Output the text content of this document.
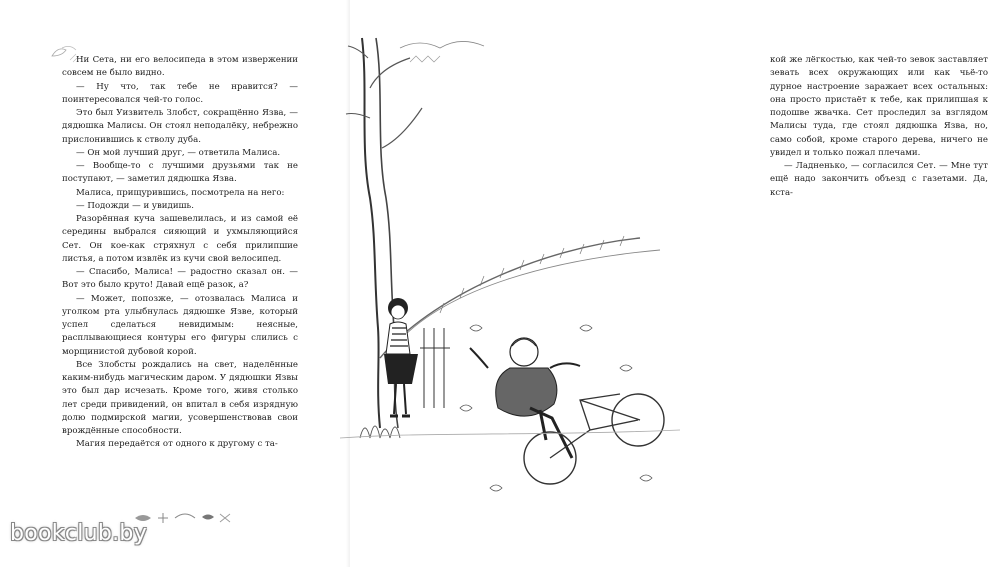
Ни Сета, ни его велосипеда в этом извержении совсем не было видно.

— Ну что, так тебе не нравится? — поинтересовался чей-то голос.

Это был Уизвитель Злобст, сокращённо Язва, — дядюшка Малисы. Он стоял неподалёку, небрежно прислонившись к стволу дуба.

— Он мой лучший друг, — ответила Малиса.

— Вообще-то с лучшими друзьями так не поступают, — заметил дядюшка Язва.

Малиса, прищурившись, посмотрела на него:

— Подожди — и увидишь.

Разорённая куча зашевелилась, и из самой её середины выбрался сияющий и ухмыляющийся Сет. Он кое-как стряхнул с себя прилипшие листья, а потом извлёк из кучи свой велосипед.

— Спасибо, Малиса! — радостно сказал он. — Вот это было круто! Давай ещё разок, а?

— Может, попозже, — отозвалась Малиса и уголком рта улыбнулась дядюшке Язве, который успел сделаться невидимым: неясные, расплывающиеся контуры его фигуры слились с морщинистой дубовой корой.

Все Злобсты рождались на свет, наделённые каким-нибудь магическим даром. У дядюшки Язвы это был дар исчезать. Кроме того, живя столько лет среди привидений, он впитал в себя изрядную долю подмирской магии, усовершенствовав свои врождённые способности.

Магия передаётся от одного к другому с та-

кой же лёгкостью, как чей-то зевок заставляет зевать всех окружающих или как чьё-то дурное настроение заражает всех остальных: она просто пристаёт к тебе, как прилипшая к подошве жвачка. Сет проследил за взглядом Малисы туда, где стоял дядюшка Язва, но, само собой, кроме старого дерева, ничего не увидел и только пожал плечами.

— Ладненько, — согласился Сет. — Мне тут ещё надо закончить объезд с газетами. Да, кста-

bookclub.by
